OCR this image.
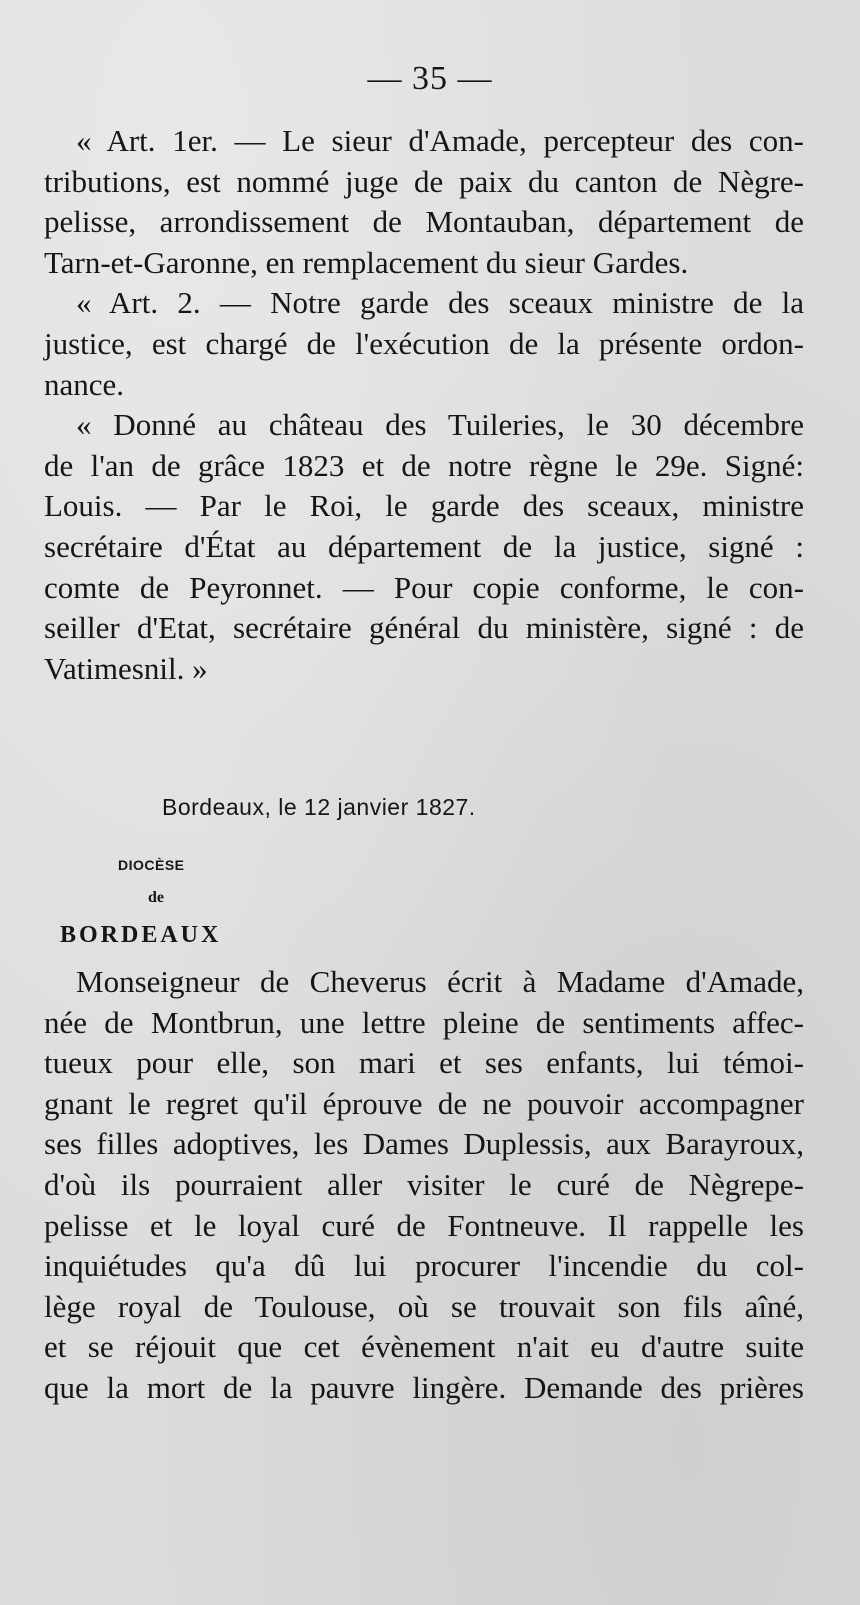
— 35 —
« Art. 1er. — Le sieur d'Amade, percepteur des con-
tributions, est nommé juge de paix du canton de Nègre-
pelisse, arrondissement de Montauban, département de
Tarn-et-Garonne, en remplacement du sieur Gardes.
« Art. 2. — Notre garde des sceaux ministre de la
justice, est chargé de l'exécution de la présente ordon-
nance.
« Donné au château des Tuileries, le 30 décembre
de l'an de grâce 1823 et de notre règne le 29e. Signé:
Louis. — Par le Roi, le garde des sceaux, ministre
secrétaire d'État au département de la justice, signé :
comte de Peyronnet. — Pour copie conforme, le con-
seiller d'Etat, secrétaire général du ministère, signé : de
Vatimesnil. »
Bordeaux, le 12 janvier 1827.
DIOCÈSE
de
BORDEAUX
Monseigneur de Cheverus écrit à Madame d'Amade,
née de Montbrun, une lettre pleine de sentiments affec-
tueux pour elle, son mari et ses enfants, lui témoi-
gnant le regret qu'il éprouve de ne pouvoir accompagner
ses filles adoptives, les Dames Duplessis, aux Barayroux,
d'où ils pourraient aller visiter le curé de Nègrepe-
pelisse et le loyal curé de Fontneuve. Il rappelle les
inquiétudes qu'a dû lui procurer l'incendie du col-
lège royal de Toulouse, où se trouvait son fils aîné,
et se réjouit que cet évènement n'ait eu d'autre suite
que la mort de la pauvre lingère. Demande des prières
